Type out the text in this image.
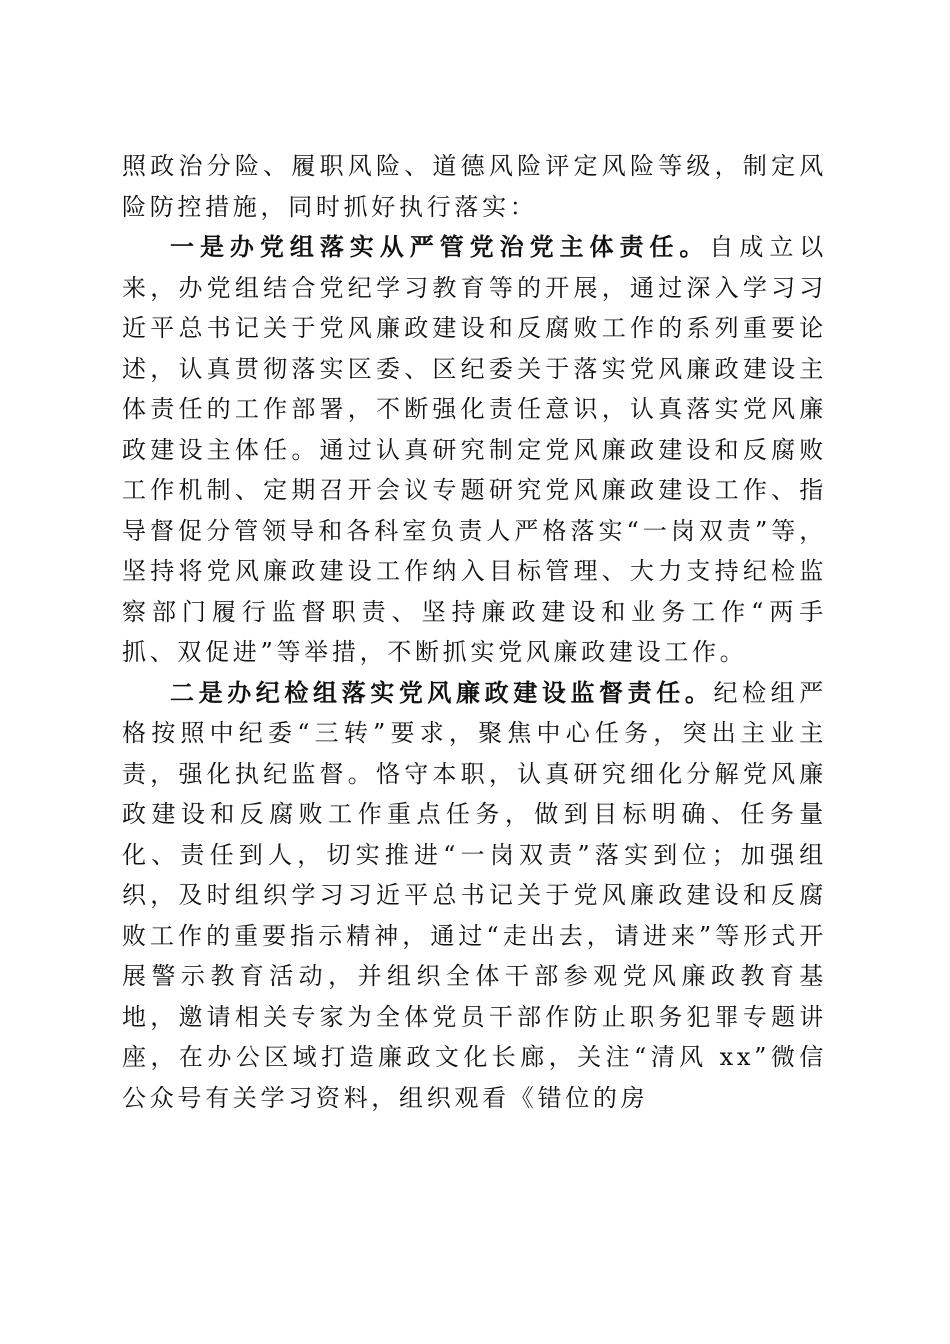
照政治分险、履职风险、道德风险评定风险等级，制定风险防控措施，同时抓好执行落实：

一是办党组落实从严管党治党主体责任。自成立以来，办党组结合党纪学习教育等的开展，通过深入学习习近平总书记关于党风廉政建设和反腐败工作的系列重要论述，认真贯彻落实区委、区纪委关于落实党风廉政建设主体责任的工作部署，不断强化责任意识，认真落实党风廉政建设主体任。通过认真研究制定党风廉政建设和反腐败工作机制、定期召开会议专题研究党风廉政建设工作、指导督促分管领导和各科室负责人严格落实“一岗双责”等，坚持将党风廉政建设工作纳入目标管理、大力支持纪检监察部门履行监督职责、坚持廉政建设和业务工作“两手抓、双促进”等举措，不断抓实党风廉政建设工作。

二是办纪检组落实党风廉政建设监督责任。纪检组严格按照中纪委“三转”要求，聚焦中心任务，突出主业主责，强化执纪监督。恪守本职，认真研究细化分解党风廉政建设和反腐败工作重点任务，做到目标明确、任务量化、责任到人，切实推进“一岗双责”落实到位；加强组织，及时组织学习习近平总书记关于党风廉政建设和反腐败工作的重要指示精神，通过“走出去，请进来”等形式开展警示教育活动，并组织全体干部参观党风廉政教育基地，邀请相关专家为全体党员干部作防止职务犯罪专题讲座，在办公区域打造廉政文化长廊，关注“清风 xx”微信公众号有关学习资料，组织观看《错位的房
